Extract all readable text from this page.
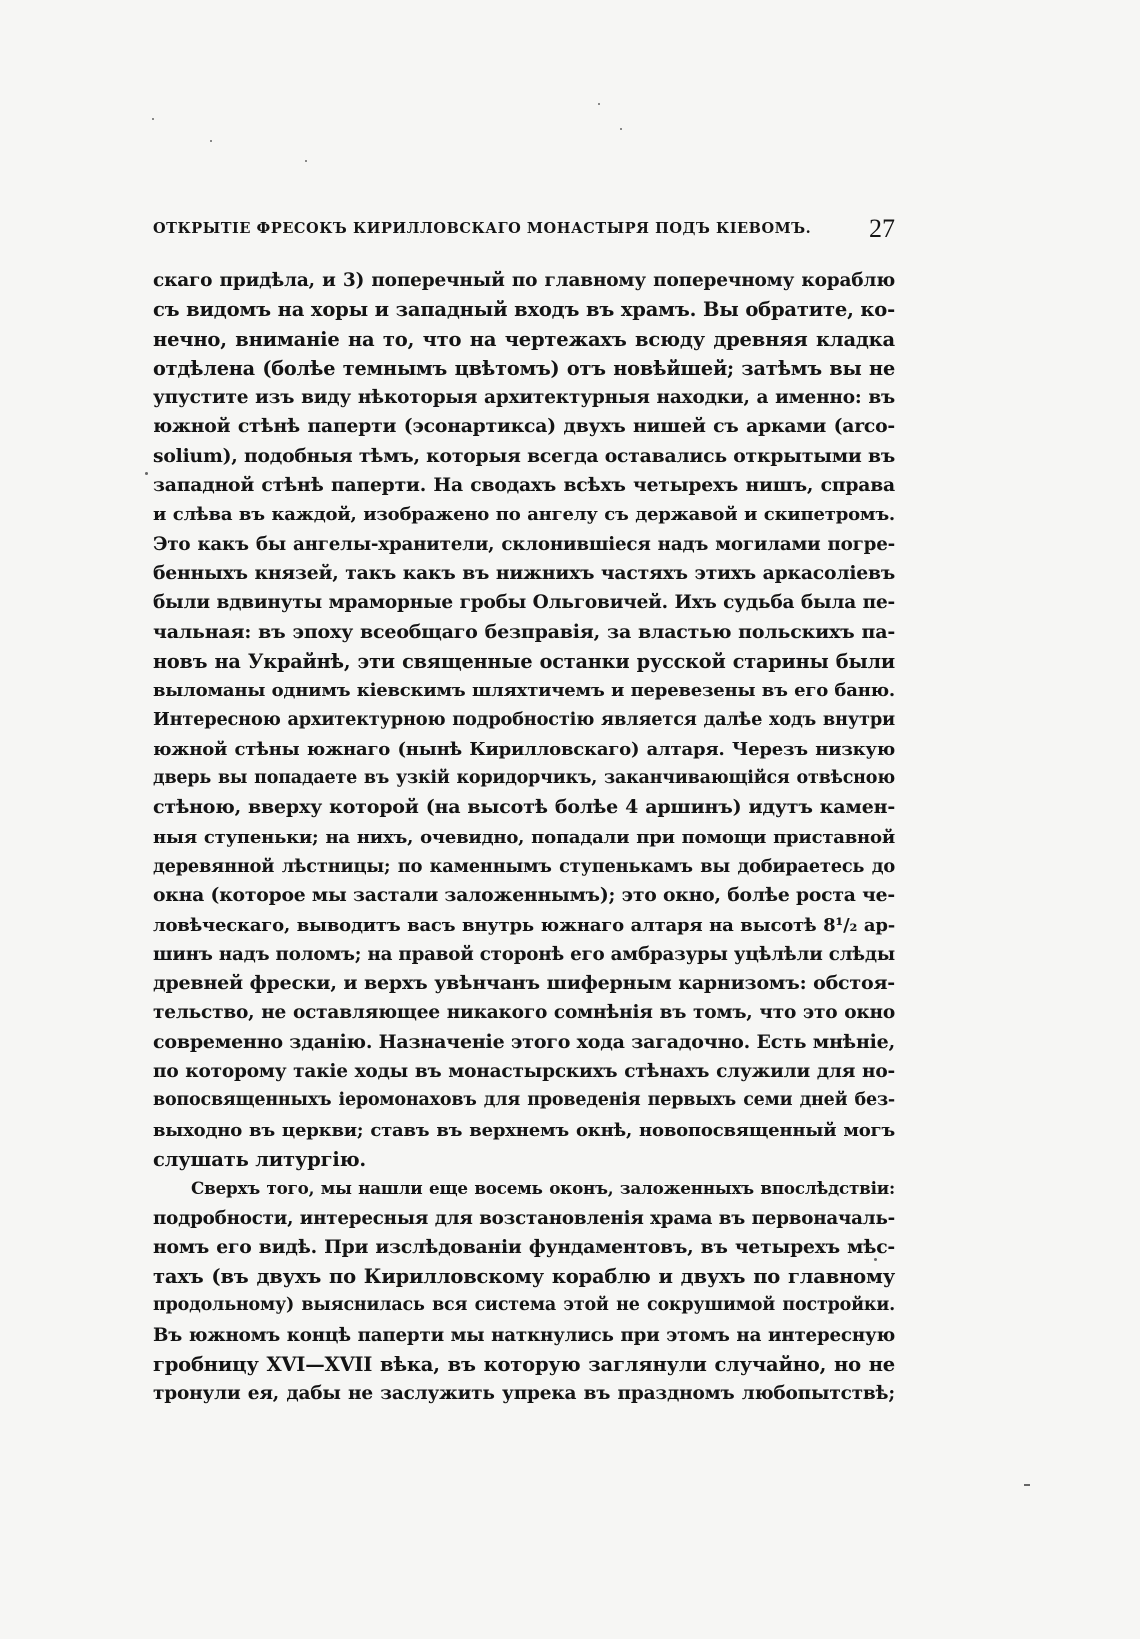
ОТКРЫТІЕ ФРЕСОКЪ КИРИЛЛОВСКАГО МОНАСТЫРЯ ПОДЪ КІЕВОМЪ. 27
скаго придѣла, и 3) поперечный по главному поперечному кораблю
съ видомъ на хоры и западный входъ въ храмъ. Вы обратите, ко-
нечно, вниманіе на то, что на чертежахъ всюду древняя кладка
отдѣлена (болѣе темнымъ цвѣтомъ) отъ новѣйшей; затѣмъ вы не
упустите изъ виду нѣкоторыя архитектурныя находки, а именно: въ
южной стѣнѣ паперти (эсонартикса) двухъ нишей съ арками (arco-
solium), подобныя тѣмъ, которыя всегда оставались открытыми въ
западной стѣнѣ паперти. На сводахъ всѣхъ четырехъ нишъ, справа
и слѣва въ каждой, изображено по ангелу съ державой и скипетромъ.
Это какъ бы ангелы-хранители, склонившіеся надъ могилами погре-
бенныхъ князей, такъ какъ въ нижнихъ частяхъ этихъ аркасоліевъ
были вдвинуты мраморные гробы Ольговичей. Ихъ судьба была пе-
чальная: въ эпоху всеобщаго безправія, за властью польскихъ па-
новъ на Украйнѣ, эти священные останки русской старины были
выломаны однимъ кіевскимъ шляхтичемъ и перевезены въ его баню.
Интересною архитектурною подробностію является далѣе ходъ внутри
южной стѣны южнаго (нынѣ Кирилловскаго) алтаря. Черезъ низкую
дверь вы попадаете въ узкій коридорчикъ, заканчивающійся отвѣсною
стѣною, вверху которой (на высотѣ болѣе 4 аршинъ) идутъ камен-
ныя ступеньки; на нихъ, очевидно, попадали при помощи приставной
деревянной лѣстницы; по каменнымъ ступенькамъ вы добираетесь до
окна (которое мы застали заложеннымъ); это окно, болѣе роста че-
ловѣческаго, выводитъ васъ внутрь южнаго алтаря на высотѣ 8¹/₂ ар-
шинъ надъ поломъ; на правой сторонѣ его амбразуры уцѣлѣли слѣды
древней фрески, и верхъ увѣнчанъ шиферным карнизомъ: обстоя-
тельство, не оставляющее никакого сомнѣнія въ томъ, что это окно
современно зданію. Назначеніе этого хода загадочно. Есть мнѣніе,
по которому такіе ходы въ монастырскихъ стѣнахъ служили для но-
вопосвященныхъ іеромонаховъ для проведенія первыхъ семи дней без-
выходно въ церкви; ставъ въ верхнемъ окнѣ, новопосвященный могъ
слушать литургію.
Сверхъ того, мы нашли еще восемь оконъ, заложенныхъ впослѣдствіи:
подробности, интересныя для возстановленія храма въ первоначаль-
номъ его видѣ. При изслѣдованіи фундаментовъ, въ четырехъ мѣс-
тахъ (въ двухъ по Кирилловскому кораблю и двухъ по главному
продольному) выяснилась вся система этой не сокрушимой постройки.
Въ южномъ концѣ паперти мы наткнулись при этомъ на интересную
гробницу XVI—XVII вѣка, въ которую заглянули случайно, но не
тронули ея, дабы не заслужить упрека въ праздномъ любопытствѣ;
